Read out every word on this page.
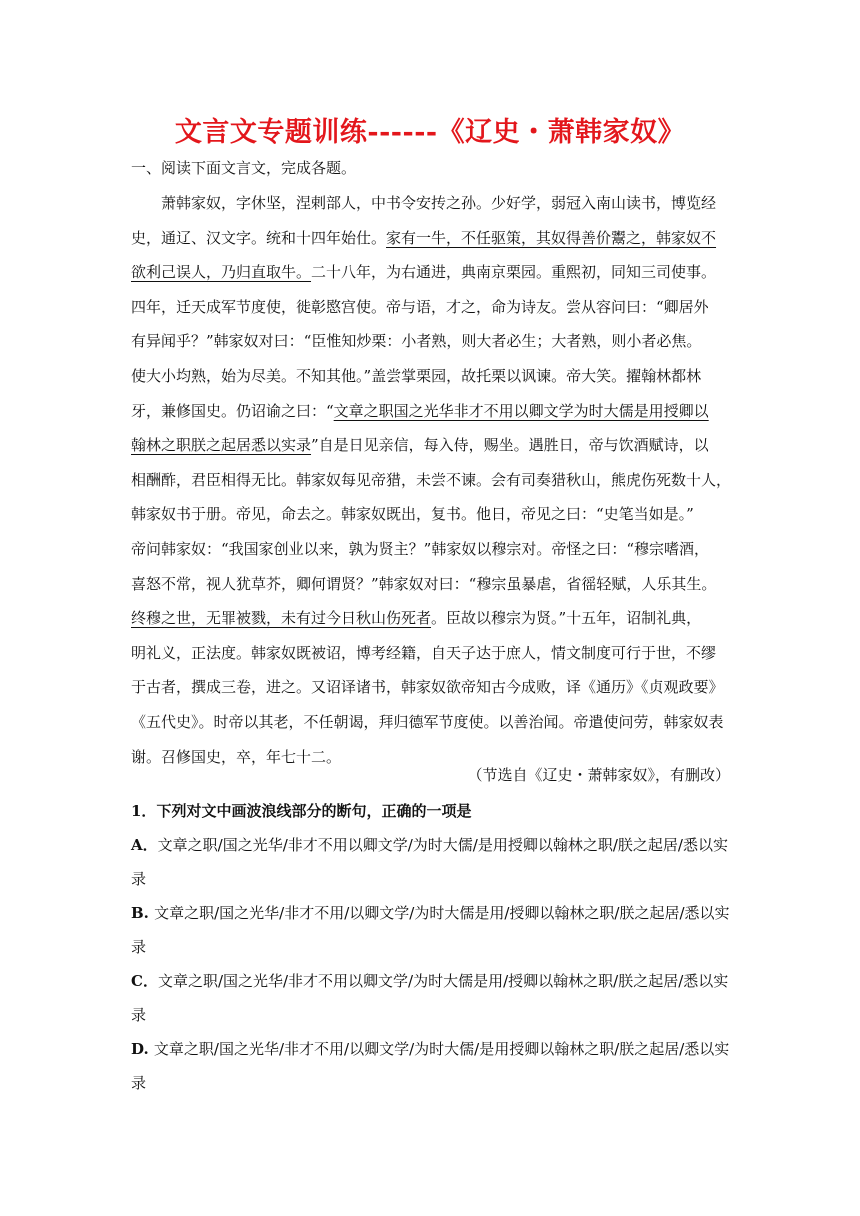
文言文专题训练------《辽史・萧韩家奴》
一、阅读下面文言文，完成各题。
　　萧韩家奴，字休坚，涅剌部人，中书令安抟之孙。少好学，弱冠入南山读书，博览经
史，通辽、汉文字。统和十四年始仕。家有一牛，不任驱策，其奴得善价鬻之，韩家奴不
欲利己误人，乃归直取牛。二十八年，为右通进，典南京栗园。重熙初，同知三司使事。
四年，迁天成军节度使，徙彰愍宫使。帝与语，才之，命为诗友。尝从容问曰：“卿居外
有异闻乎？”韩家奴对曰：“臣惟知炒栗：小者熟，则大者必生；大者熟，则小者必焦。
使大小均熟，始为尽美。不知其他。”盖尝掌栗园，故托栗以讽谏。帝大笑。擢翰林都林
牙，兼修国史。仍诏谕之曰：“文章之职国之光华非才不用以卿文学为时大儒是用授卿以
翰林之职朕之起居悉以实录”自是日见亲信，每入侍，赐坐。遇胜日，帝与饮酒赋诗，以
相酬酢，君臣相得无比。韩家奴每见帝猎，未尝不谏。会有司奏猎秋山，熊虎伤死数十人，
韩家奴书于册。帝见，命去之。韩家奴既出，复书。他日，帝见之曰：“史笔当如是。”
帝问韩家奴：“我国家创业以来，孰为贤主？”韩家奴以穆宗对。帝怪之曰：“穆宗嗜酒，
喜怒不常，视人犹草芥，卿何谓贤？”韩家奴对曰：“穆宗虽暴虐，省徭轻赋，人乐其生。
终穆之世，无罪被戮，未有过今日秋山伤死者。臣故以穆宗为贤。”十五年，诏制礼典，
明礼义，正法度。韩家奴既被诏，博考经籍，自天子达于庶人，情文制度可行于世，不缪
于古者，撰成三卷，进之。又诏译诸书，韩家奴欲帝知古今成败，译《通历》《贞观政要》
《五代史》。时帝以其老，不任朝谒，拜归德军节度使。以善治闻。帝遣使问劳，韩家奴表
谢。召修国史，卒，年七十二。
（节选自《辽史・萧韩家奴》，有删改）
1．下列对文中画波浪线部分的断句，正确的一项是
A．文章之职/国之光华/非才不用以卿文学/为时大儒/是用授卿以翰林之职/朕之起居/悉以实
录
B. 文章之职/国之光华/非才不用/以卿文学/为时大儒是用/授卿以翰林之职/朕之起居/悉以实
录
C．文章之职/国之光华/非才不用以卿文学/为时大儒是用/授卿以翰林之职/朕之起居/悉以实
录
D. 文章之职/国之光华/非才不用/以卿文学/为时大儒/是用授卿以翰林之职/朕之起居/悉以实
录
